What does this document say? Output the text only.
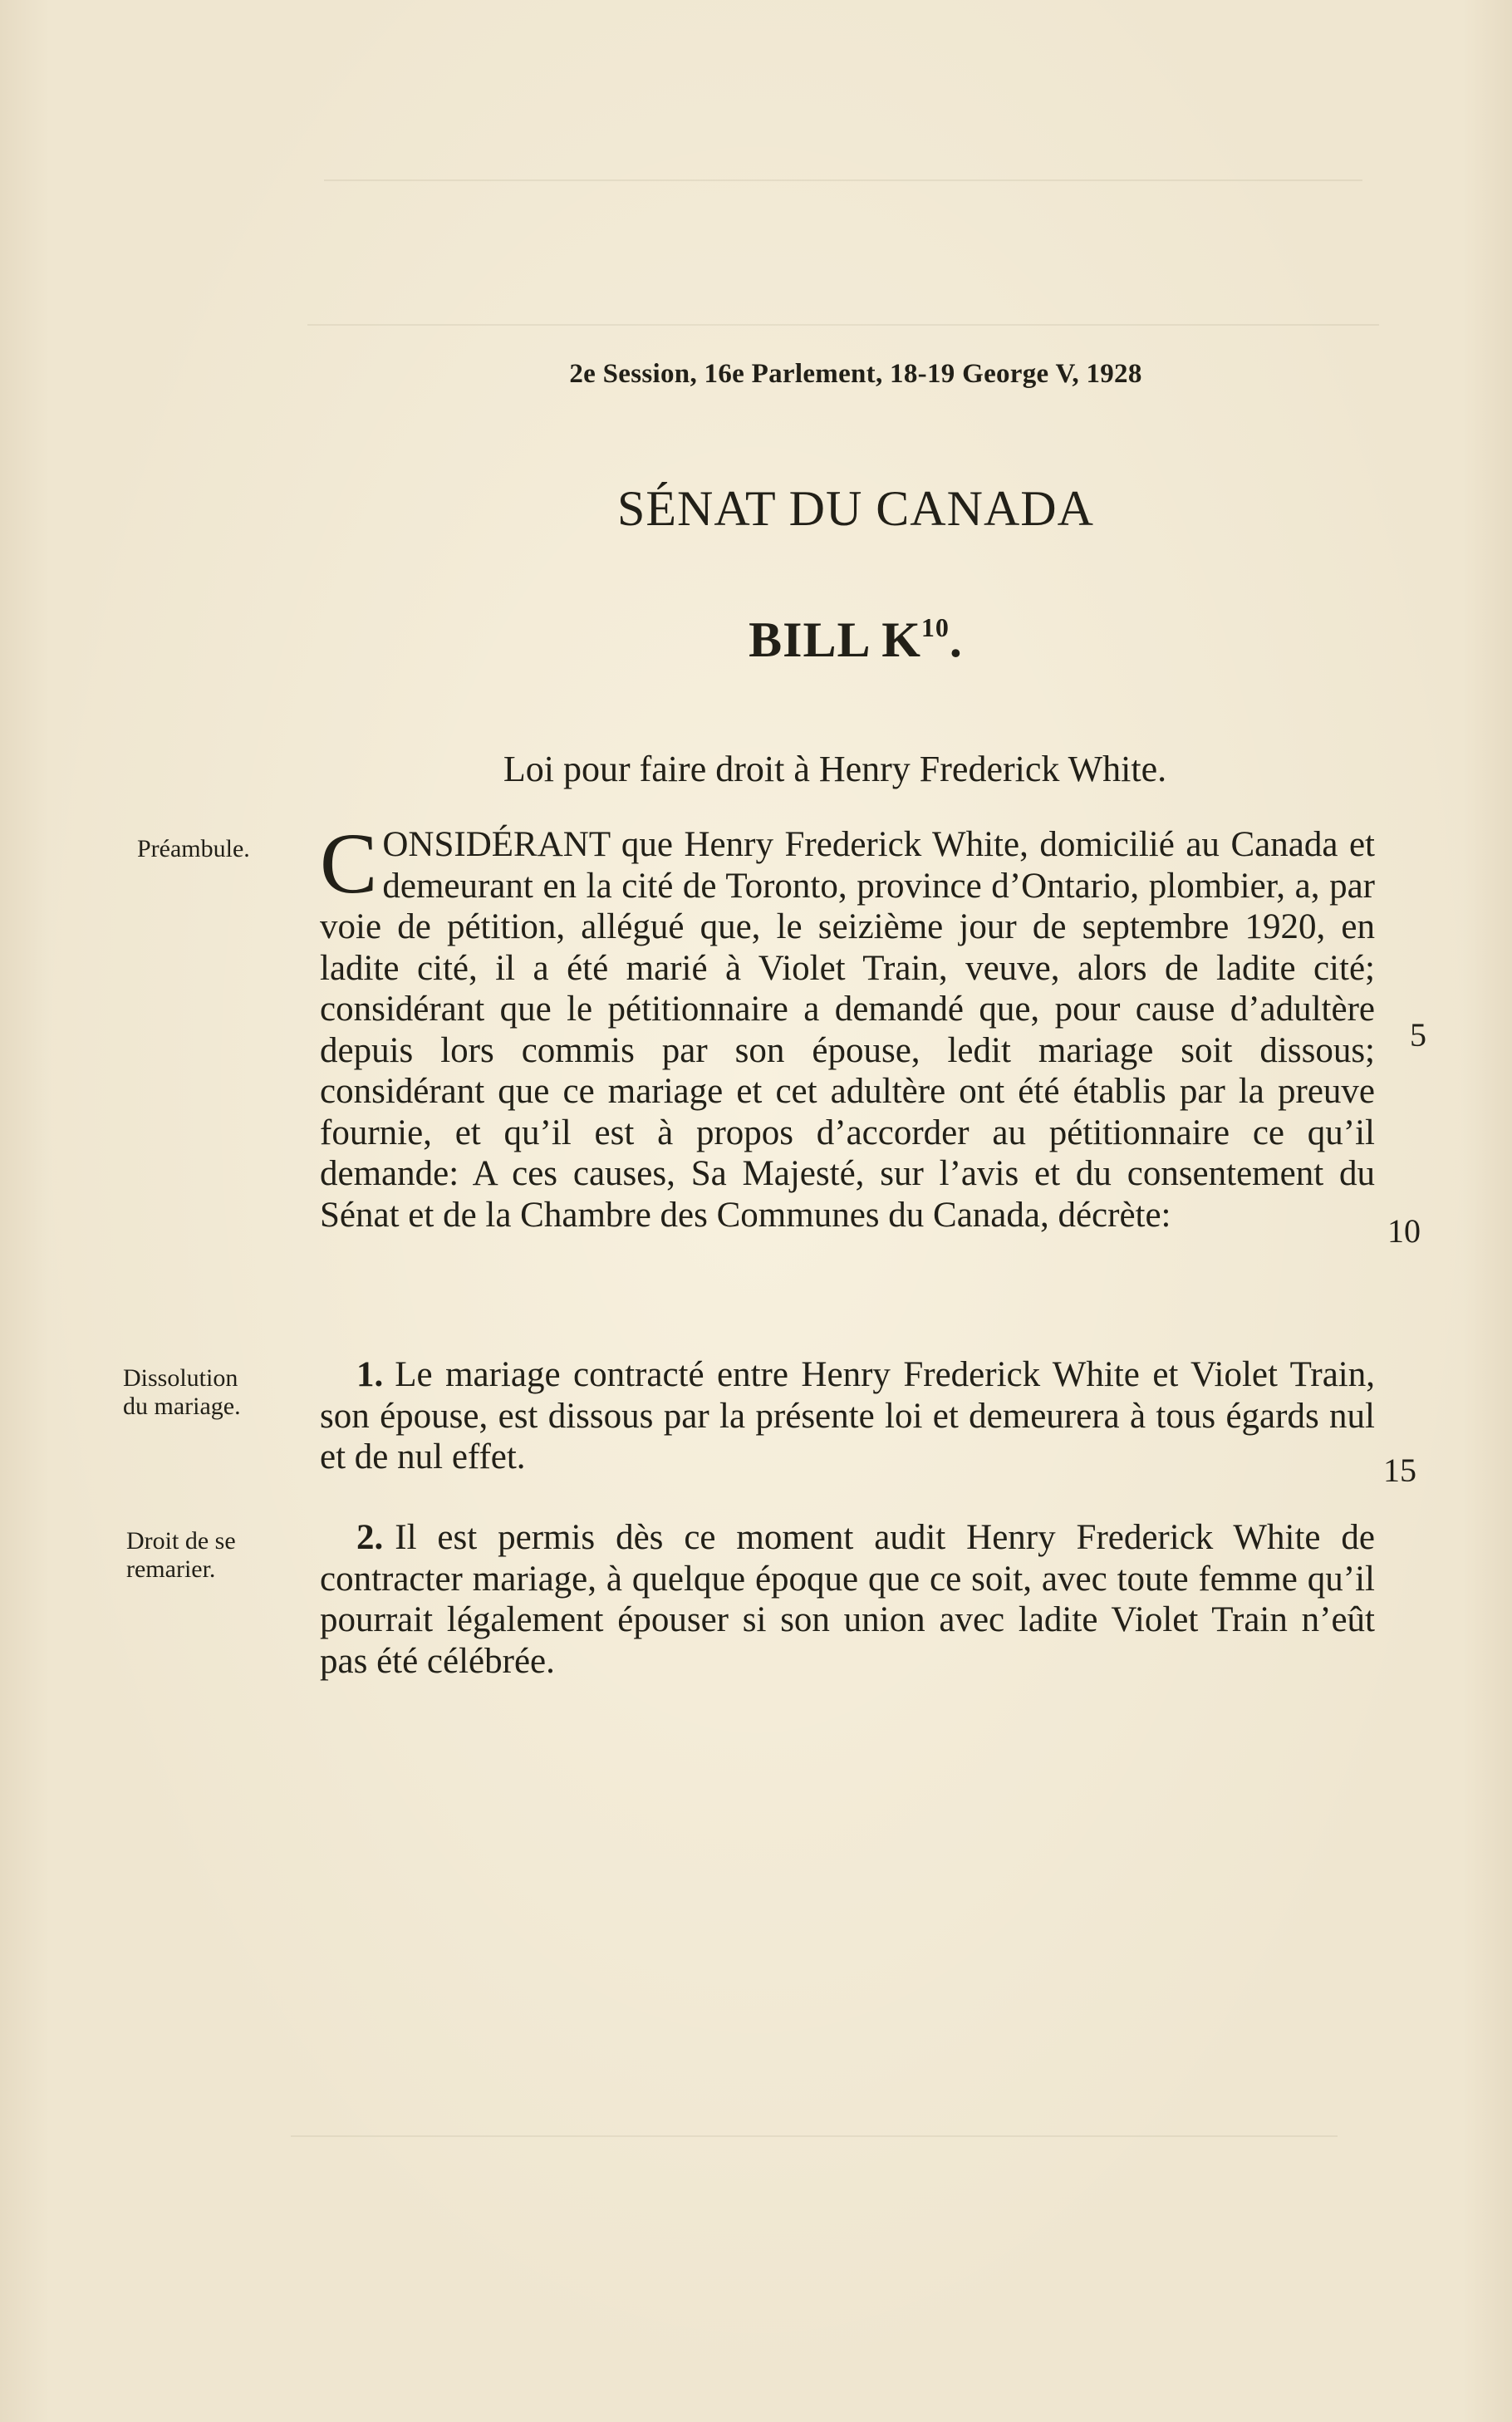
2e Session, 16e Parlement, 18-19 George V, 1928
SÉNAT DU CANADA
BILL $K^{10}$.
Loi pour faire droit à Henry Frederick White.
Préambule.
Dissolution
du mariage.
Droit de se
remarier.
5
10
15
CONSIDÉRANT que Henry Frederick White, domicilié au Canada et demeurant en la cité de Toronto, province d’Ontario, plombier, a, par voie de pétition, allégué que, le seizième jour de septembre 1920, en ladite cité, il a été marié à Violet Train, veuve, alors de ladite cité; considérant que le pétitionnaire a demandé que, pour cause d’adultère depuis lors commis par son épouse, ledit mariage soit dissous; considérant que ce mariage et cet adultère ont été établis par la preuve fournie, et qu’il est à propos d’accorder au pétitionnaire ce qu’il demande: A ces causes, Sa Majesté, sur l’avis et du consentement du Sénat et de la Chambre des Communes du Canada, décrète:
1. Le mariage contracté entre Henry Frederick White et Violet Train, son épouse, est dissous par la présente loi et demeurera à tous égards nul et de nul effet.
2. Il est permis dès ce moment audit Henry Frederick White de contracter mariage, à quelque époque que ce soit, avec toute femme qu’il pourrait légalement épouser si son union avec ladite Violet Train n’eût pas été célébrée.
